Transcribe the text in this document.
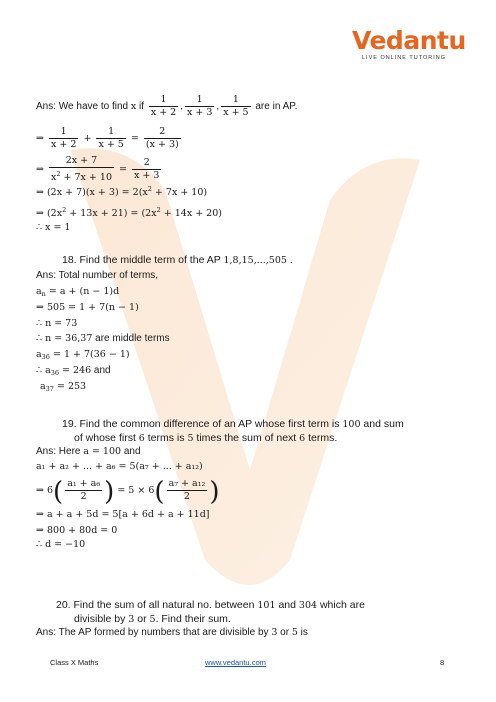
Vedantu
LIVE ONLINE TUTORING
Ans: We have to find x if $\frac{1}{x + 2}$ , $\frac{1}{x + 3}$ , $\frac{1}{x + 5}$ are in AP.
⇒ $\frac{1}{x + 2} + \frac{1}{x + 5} = \frac{2}{(x + 3)}$
⇒ $\frac{2x + 7}{x^2 + 7x + 10} = \frac{2}{x + 3}$
⇒ $(2x + 7)(x + 3) = 2(x^2 + 7x + 10)$
⇒ $(2x^2 + 13x + 21) = (2x^2 + 14x + 20)$
∴ x = 1
18. Find the middle term of the AP 1,8,15,...,505 .
Ans: Total number of terms,
$a_n = a + (n - 1)d$
⇒ 505 = 1 + 7(n − 1)
∴ n = 73
∴ n = 36,37 are middle terms
$a_{36} = 1 + 7(36 - 1)$
∴ $a_{36} = 246$ and
$a_{37} = 253$
19. Find the common difference of an AP whose first term is 100 and sum
of whose first 6 terms is 5 times the sum of next 6 terms.
Ans: Here a = 100 and
a₁ + a₂ + ... + a₆ = 5(a₇ + ... + a₁₂)
⇒ $6( \frac{\text{a₁ + a₆}}{2}$ ) = $5 \times 6( \frac{\text{a₇ + a₁₂}}{2}$ )
⇒ a + a + 5d = 5[a + 6d + a + 11d]
⇒ 800 + 80d = 0
∴ d = −10
20. Find the sum of all natural no. between 101 and 304 which are
divisible by 3 or 5. Find their sum.
Ans: The AP formed by numbers that are divisible by 3 or 5 is
Class X Maths	www.vedantu.com	8
